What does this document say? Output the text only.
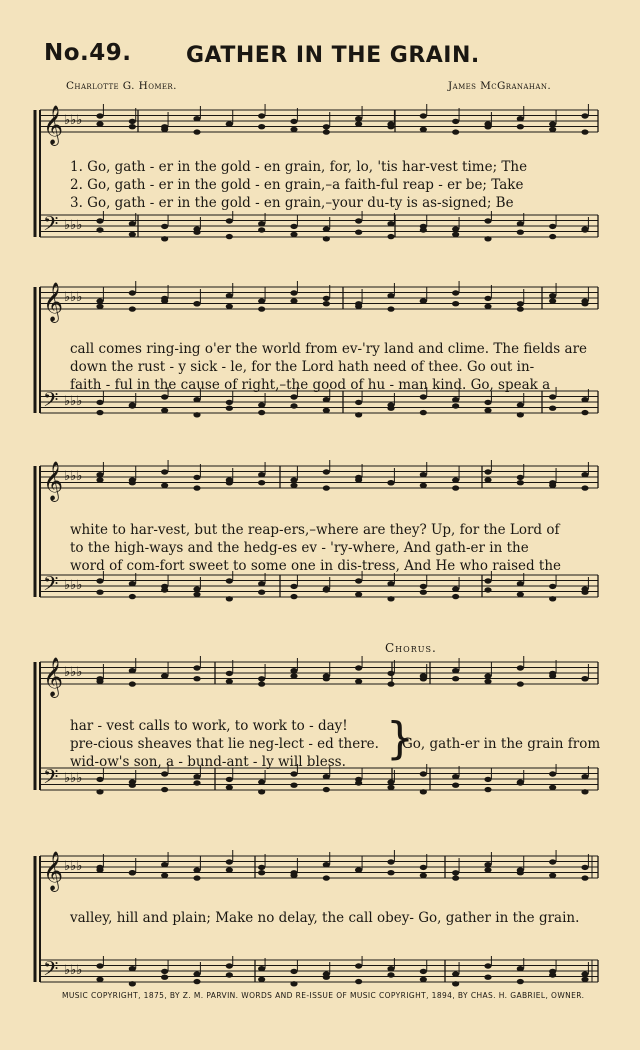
No.49. GATHER IN THE GRAIN.
Charlotte G. Homer.	James McGranahan.
𝄞 ♭♭♭
𝄢 ♭♭♭
𝄞 ♭♭♭
𝄢 ♭♭♭
𝄞 ♭♭♭
𝄢 ♭♭♭
𝄞 ♭♭♭
𝄢 ♭♭♭
𝄞 ♭♭♭
𝄢 ♭♭♭
1. Go, gath - er in the gold - en grain, for, lo, 'tis har-vest time; The
2. Go, gath - er in the gold - en grain,–a faith-ful reap - er be; Take
3. Go, gath - er in the gold - en grain,–your du-ty is as-signed; Be
call comes ring-ing o'er the world from ev-'ry land and clime. The fields are
down the rust - y sick - le, for the Lord hath need of thee. Go out in-
faith - ful in the cause of right,–the good of hu - man kind. Go, speak a
white to har-vest, but the reap-ers,–where are they? Up, for the Lord of
to the high-ways and the hedg-es ev - 'ry-where, And gath-er in the
word of com-fort sweet to some one in dis-tress, And He who raised the
Chorus.
har - vest calls to work, to work to - day!
pre-cious sheaves that lie neg-lect - ed there.
wid-ow's son, a - bund-ant - ly will bless. }
Go, gath-er in the grain from
valley, hill and plain; Make no delay, the call obey- Go, gather in the grain.
MUSIC COPYRIGHT, 1875, BY Z. M. PARVIN. WORDS AND RE-ISSUE OF MUSIC COPYRIGHT, 1894, BY CHAS. H. GABRIEL, OWNER.
